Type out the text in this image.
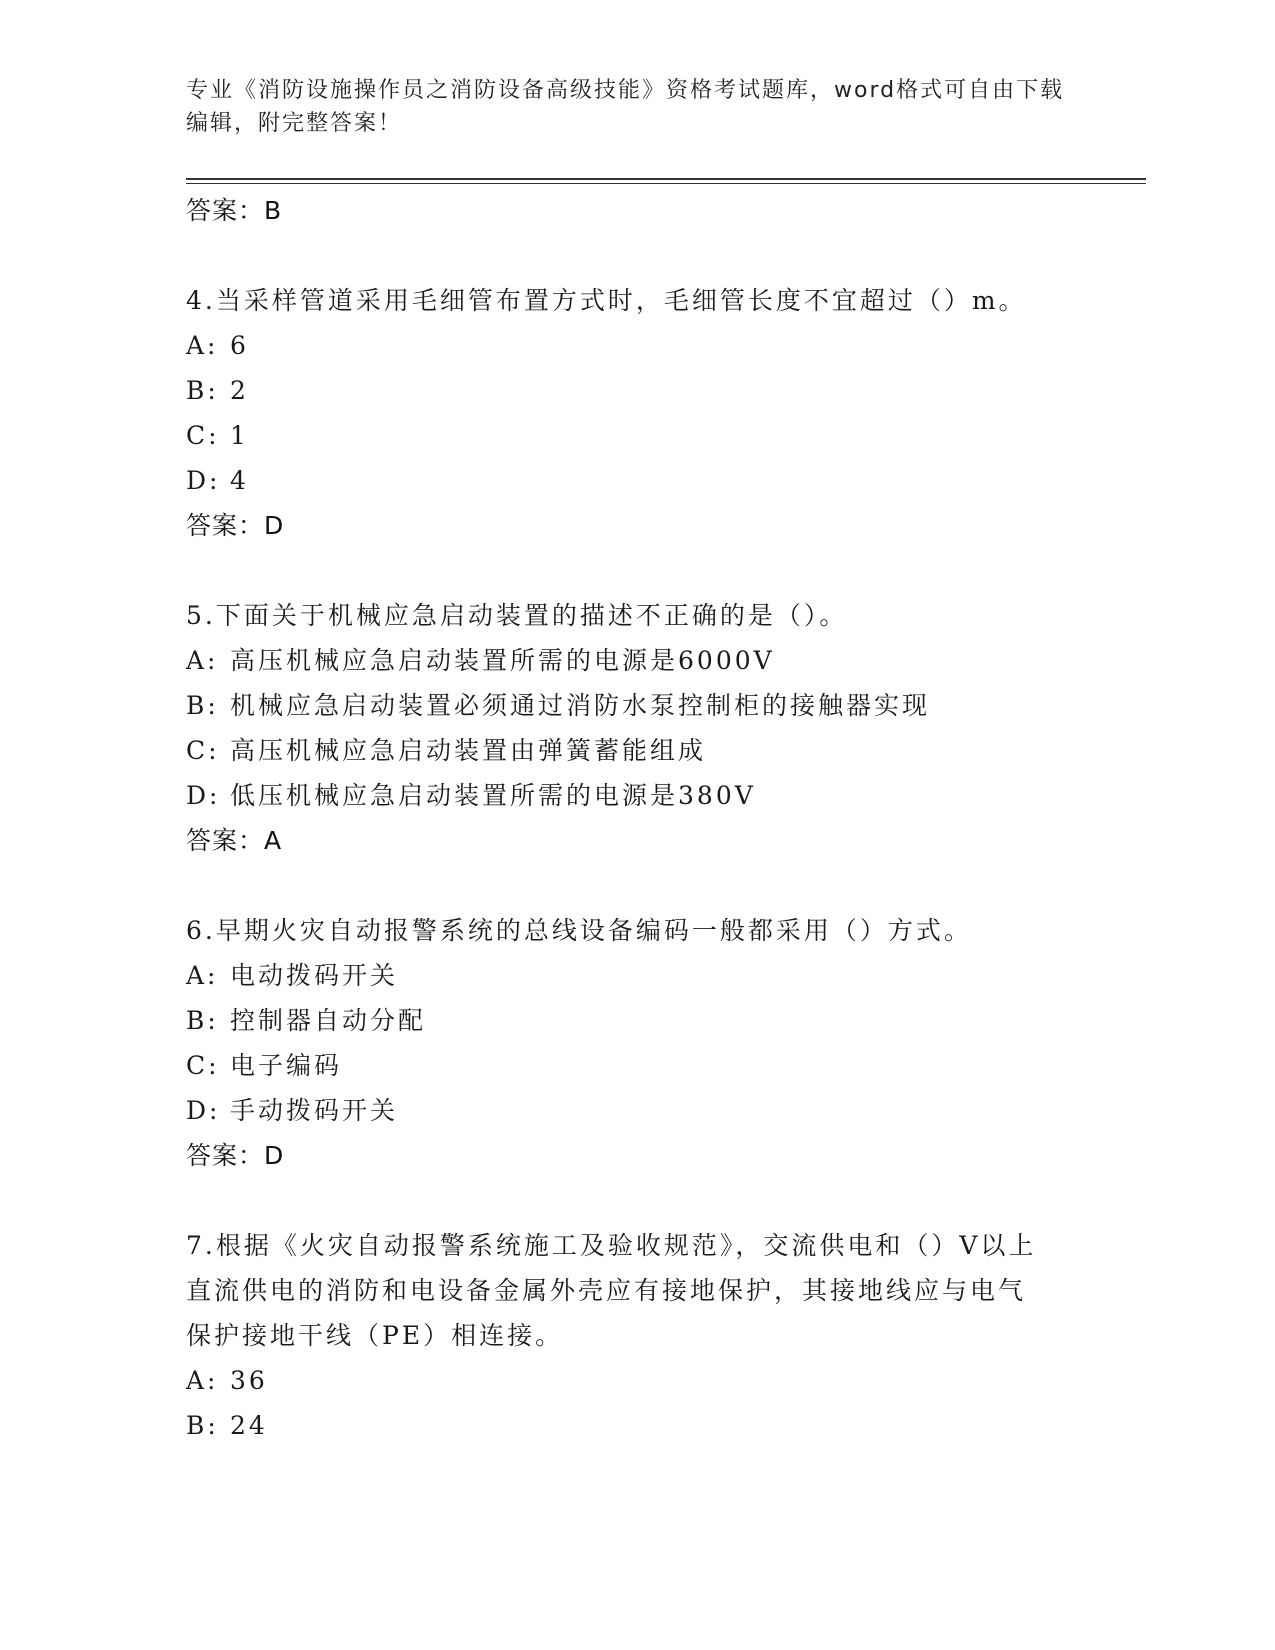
专业《消防设施操作员之消防设备高级技能》资格考试题库，word格式可自由下载编辑，附完整答案！
答案：B
4.当采样管道采用毛细管布置方式时，毛细管长度不宜超过（）m。
A: 6
B: 2
C: 1
D: 4
答案：D
5.下面关于机械应急启动装置的描述不正确的是（）。
A: 高压机械应急启动装置所需的电源是6000V
B: 机械应急启动装置必须通过消防水泵控制柜的接触器实现
C: 高压机械应急启动装置由弹簧蓄能组成
D: 低压机械应急启动装置所需的电源是380V
答案：A
6.早期火灾自动报警系统的总线设备编码一般都采用（）方式。
A: 电动拨码开关
B: 控制器自动分配
C: 电子编码
D: 手动拨码开关
答案：D
7.根据《火灾自动报警系统施工及验收规范》，交流供电和（）V以上直流供电的消防和电设备金属外壳应有接地保护，其接地线应与电气保护接地干线（PE）相连接。
A: 36
B: 24
